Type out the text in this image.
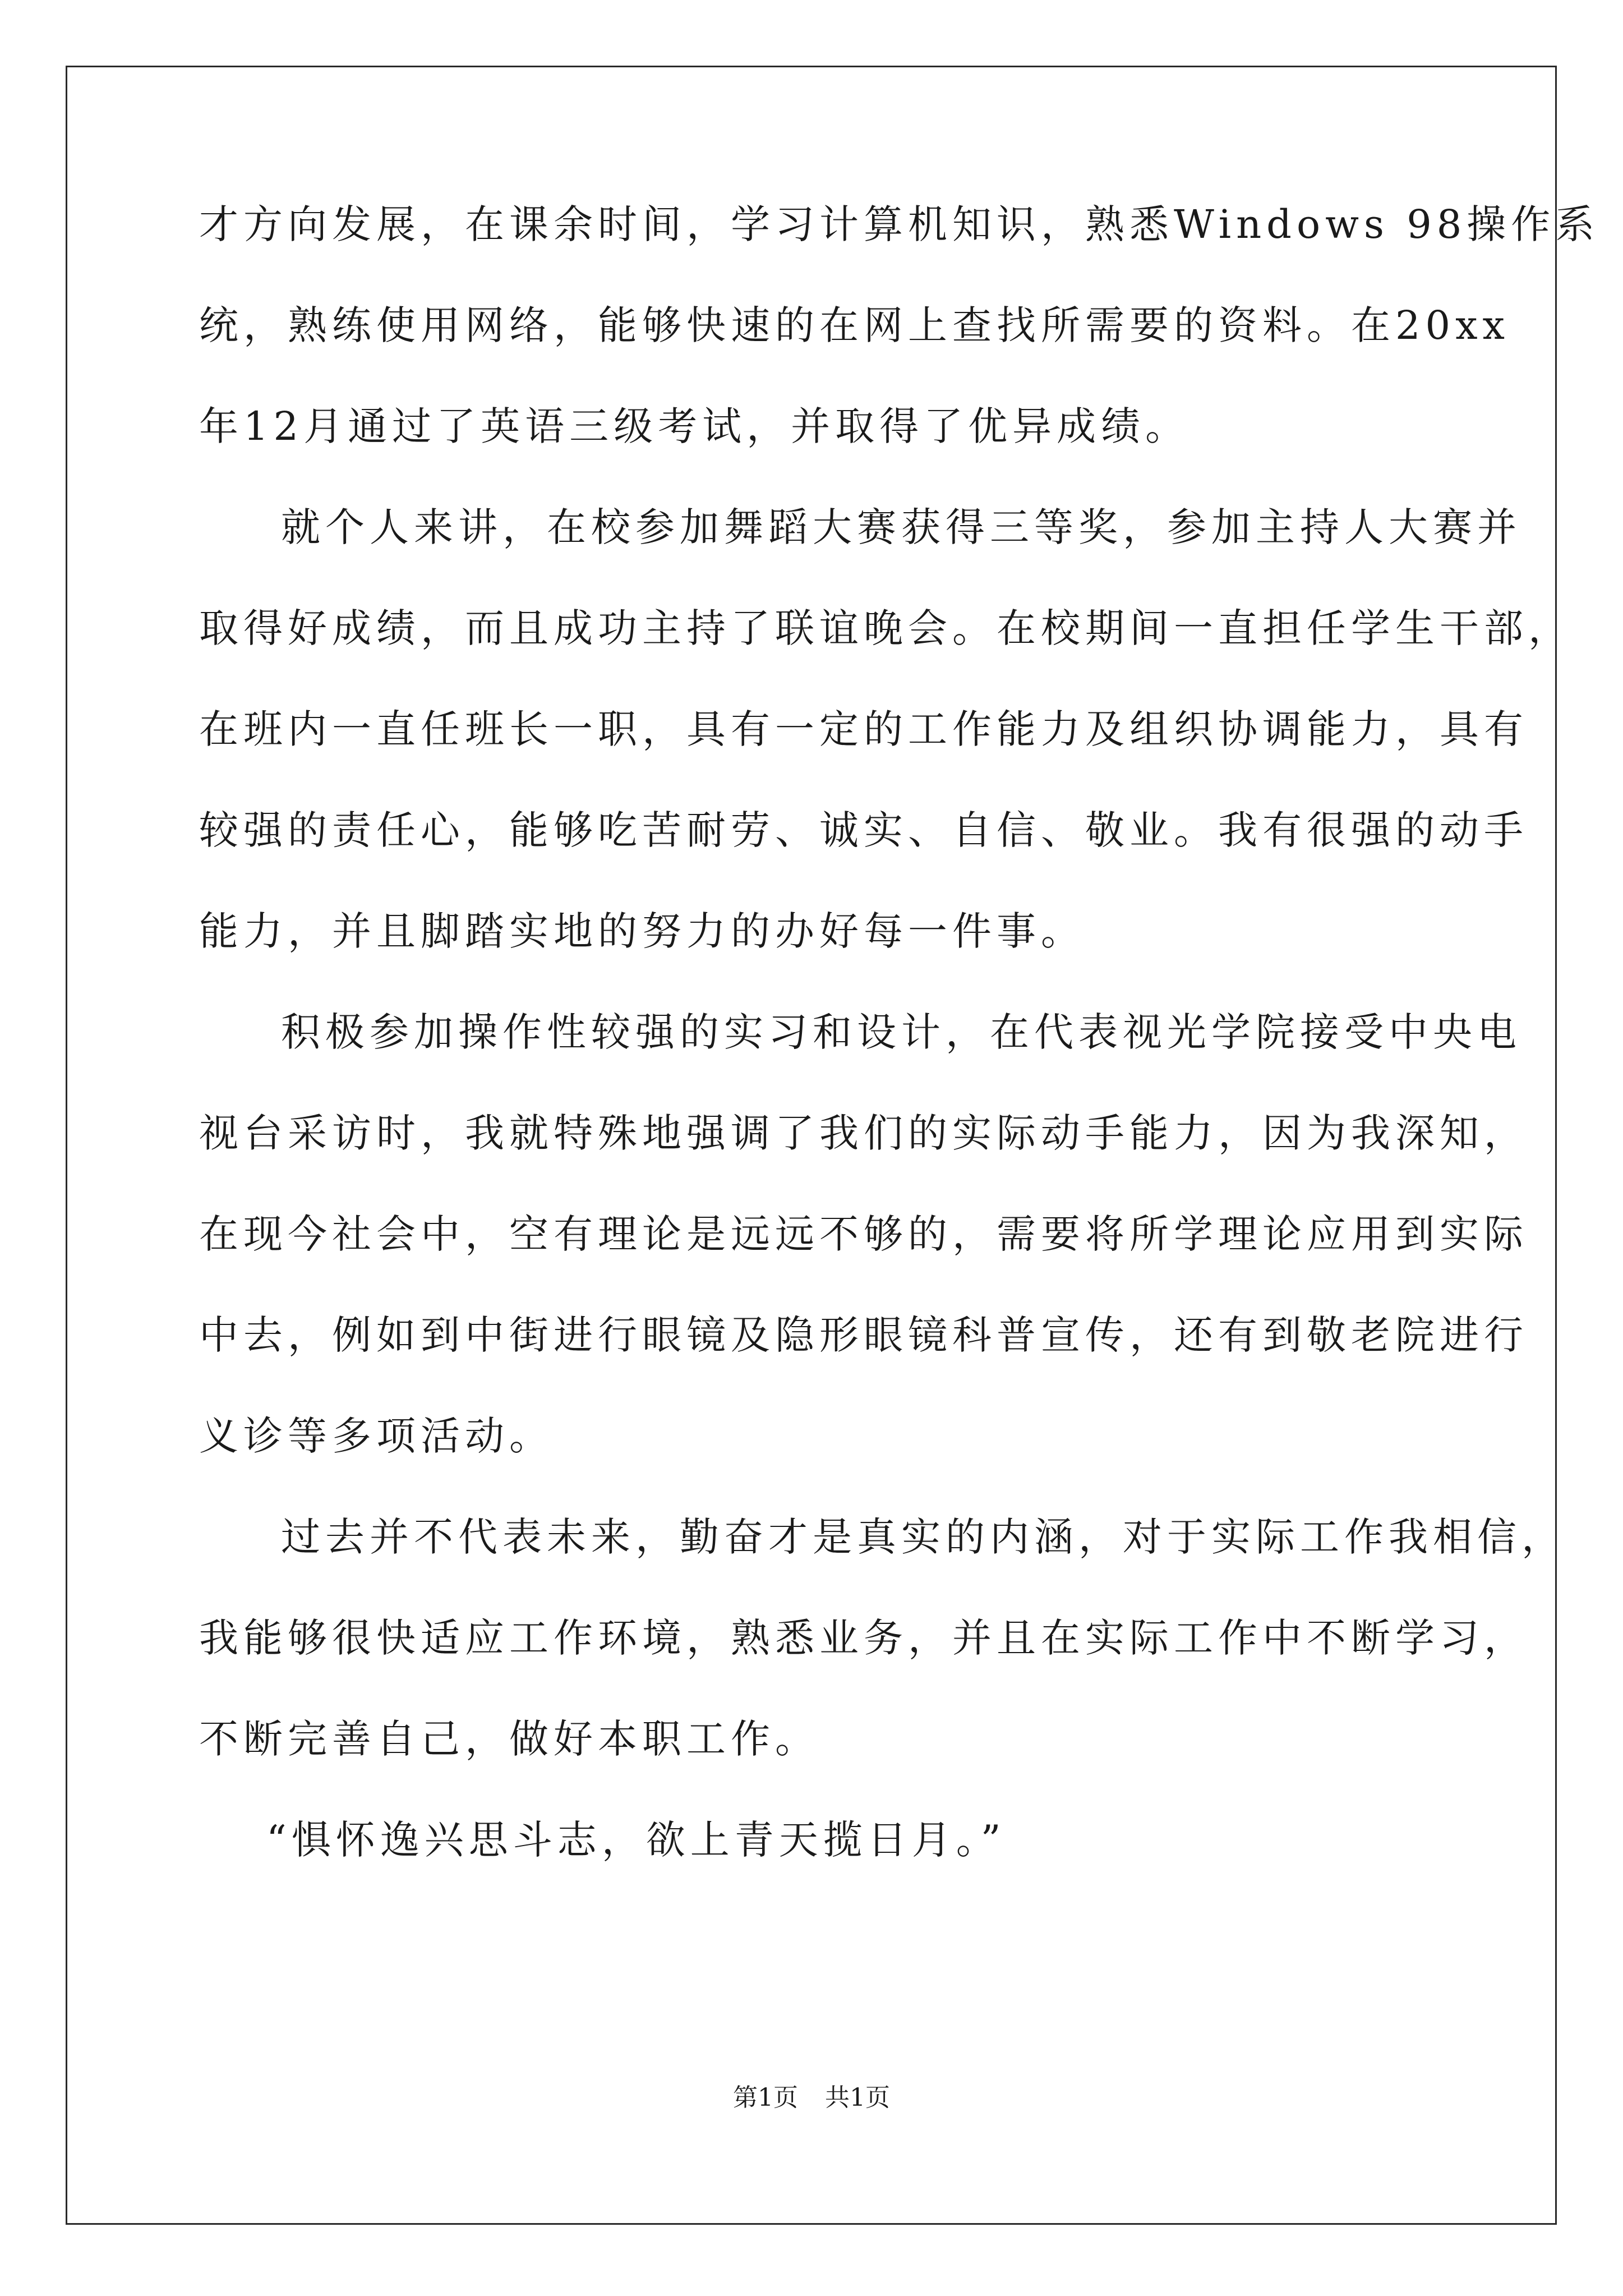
才方向发展，在课余时间，学习计算机知识，熟悉Windows 98操作系
统，熟练使用网络，能够快速的在网上查找所需要的资料。在20xx
年12月通过了英语三级考试，并取得了优异成绩。
就个人来讲，在校参加舞蹈大赛获得三等奖，参加主持人大赛并
取得好成绩，而且成功主持了联谊晚会。在校期间一直担任学生干部，
在班内一直任班长一职，具有一定的工作能力及组织协调能力，具有
较强的责任心，能够吃苦耐劳、诚实、自信、敬业。我有很强的动手
能力，并且脚踏实地的努力的办好每一件事。
积极参加操作性较强的实习和设计，在代表视光学院接受中央电
视台采访时，我就特殊地强调了我们的实际动手能力，因为我深知，
在现今社会中，空有理论是远远不够的，需要将所学理论应用到实际
中去，例如到中街进行眼镜及隐形眼镜科普宣传，还有到敬老院进行
义诊等多项活动。
过去并不代表未来，勤奋才是真实的内涵，对于实际工作我相信，
我能够很快适应工作环境，熟悉业务，并且在实际工作中不断学习，
不断完善自己，做好本职工作。
“惧怀逸兴思斗志，欲上青天揽日月。”
第1页 共1页
